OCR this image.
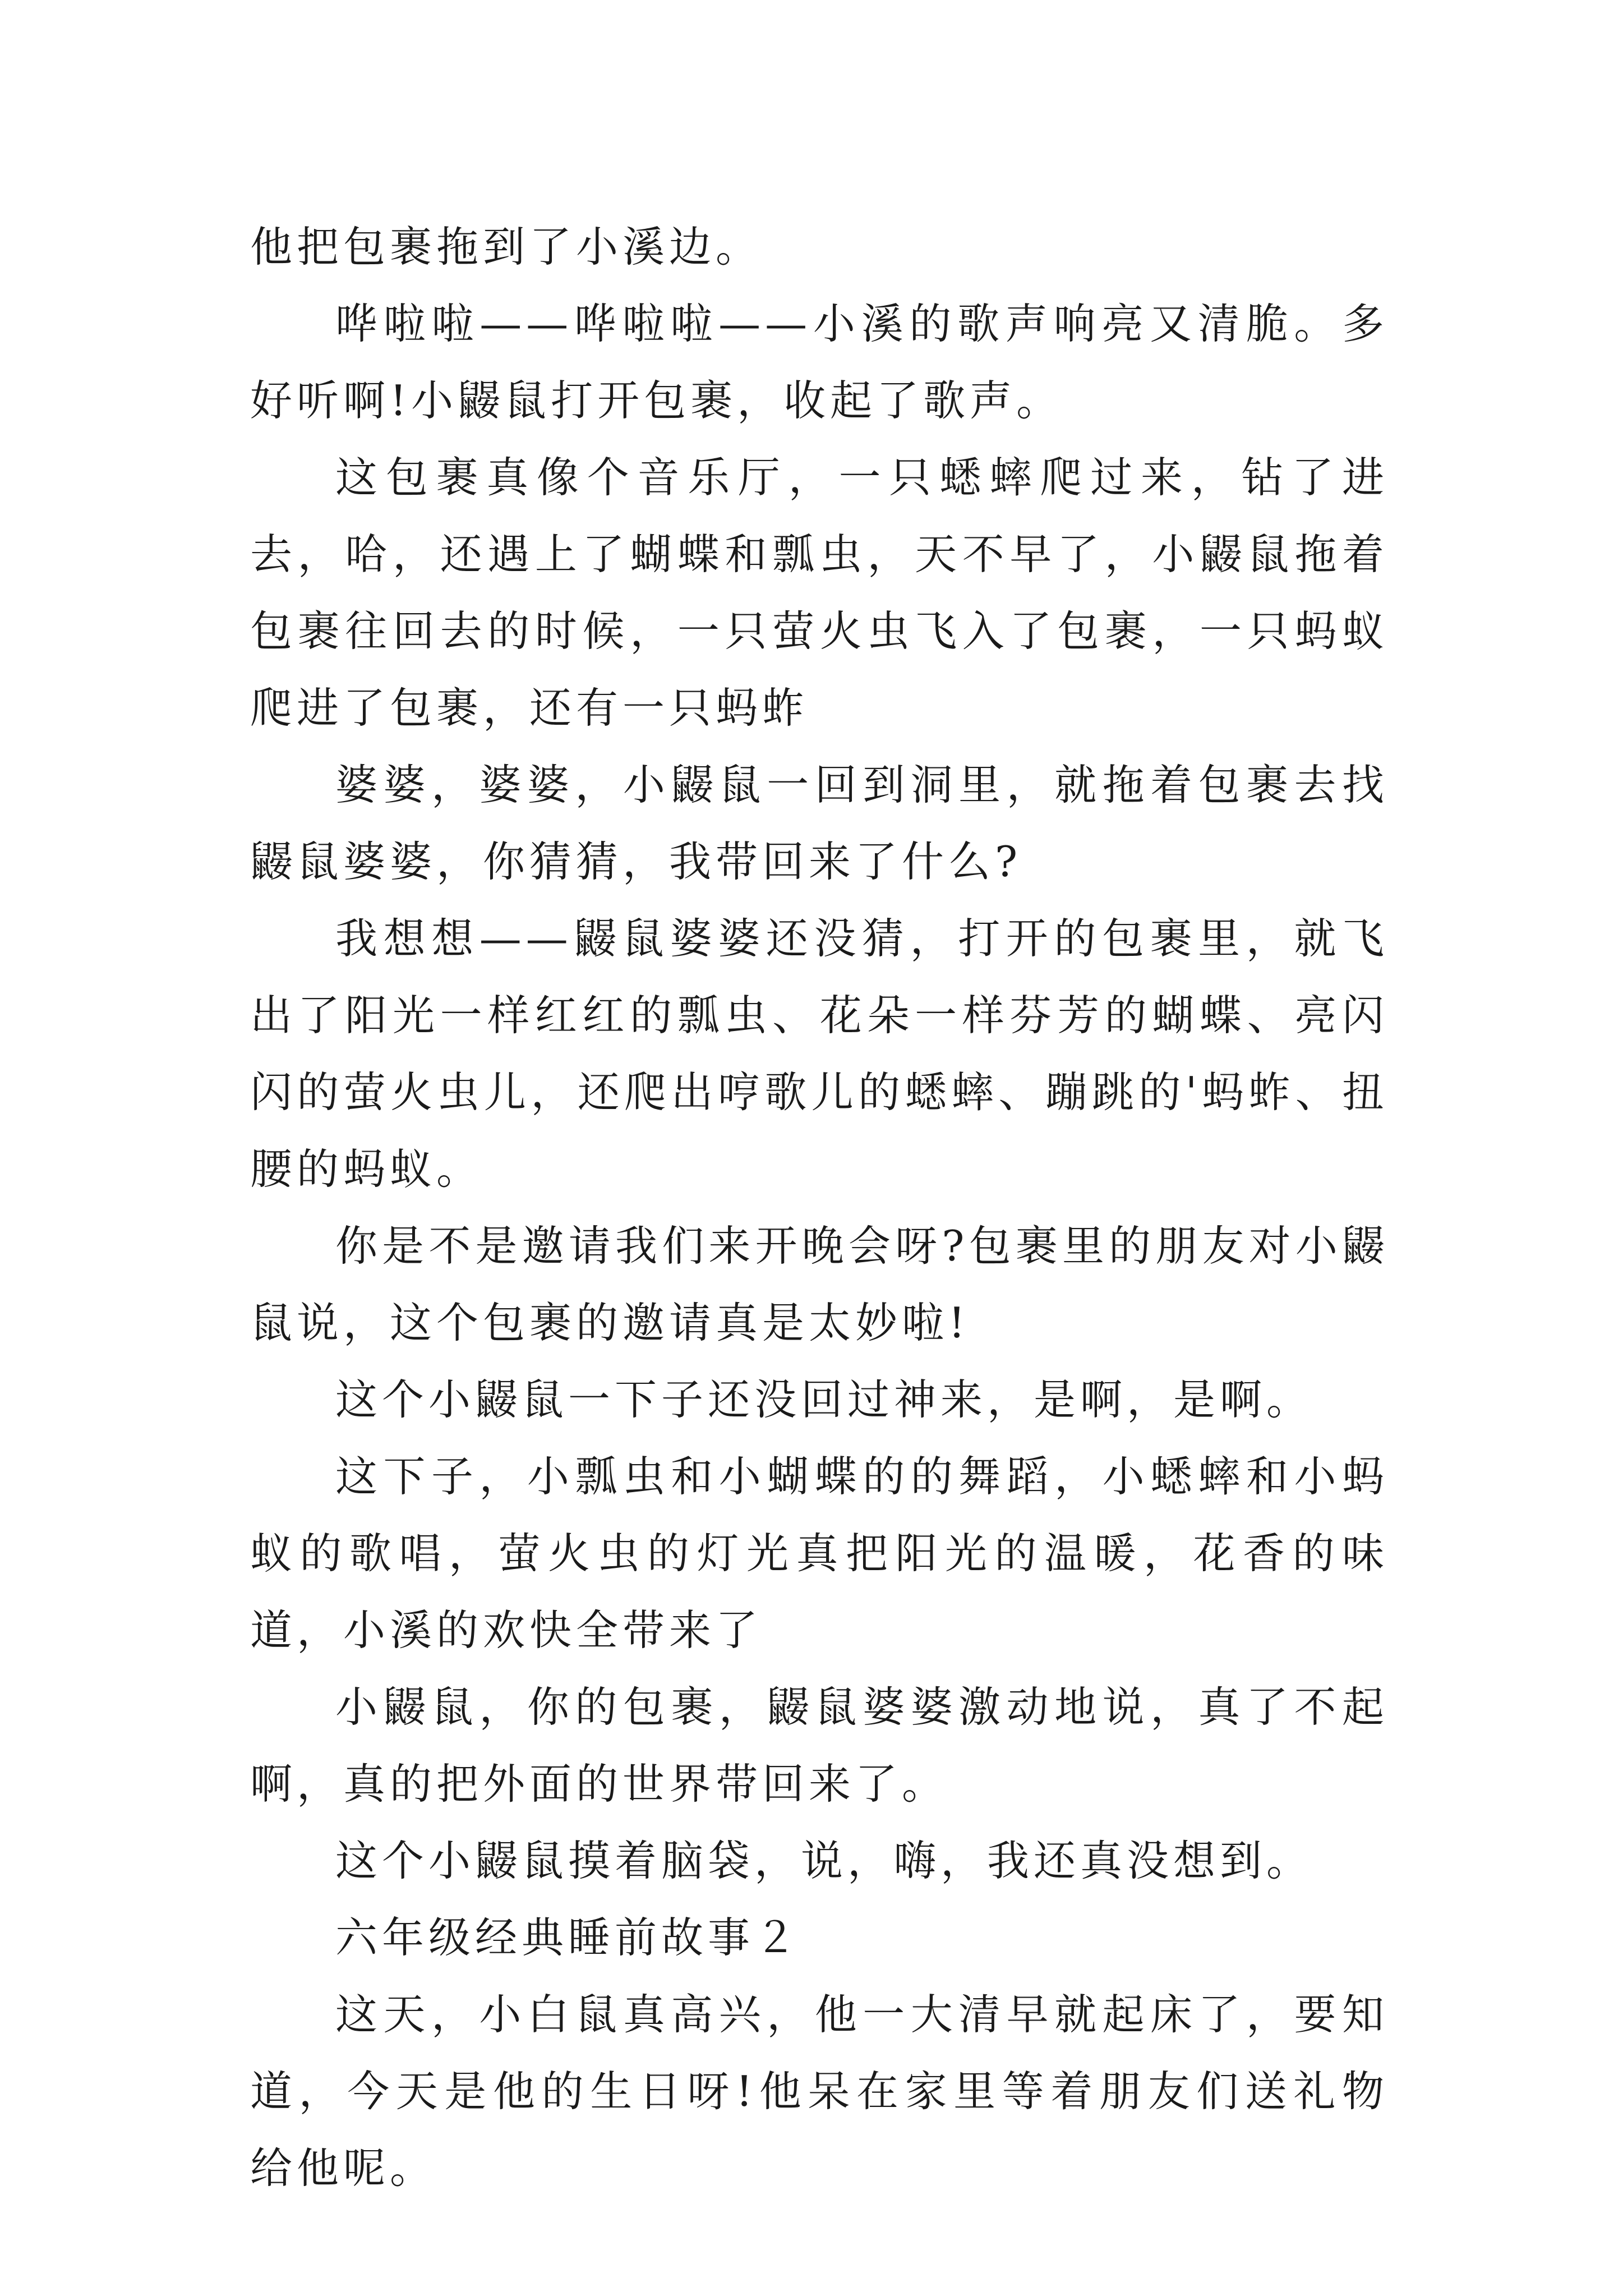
他把包裹拖到了小溪边。

哗啦啦——哗啦啦——小溪的歌声响亮又清脆。多好听啊!小鼹鼠打开包裹，收起了歌声。

这包裹真像个音乐厅，一只蟋蟀爬过来，钻了进去，哈，还遇上了蝴蝶和瓢虫，天不早了，小鼹鼠拖着包裹往回去的时候，一只萤火虫飞入了包裹，一只蚂蚁爬进了包裹，还有一只蚂蚱

婆婆，婆婆，小鼹鼠一回到洞里，就拖着包裹去找鼹鼠婆婆，你猜猜，我带回来了什么?

我想想——鼹鼠婆婆还没猜，打开的包裹里，就飞出了阳光一样红红的瓢虫、花朵一样芬芳的蝴蝶、亮闪闪的萤火虫儿，还爬出哼歌儿的蟋蟀、蹦跳的'蚂蚱、扭腰的蚂蚁。

你是不是邀请我们来开晚会呀?包裹里的朋友对小鼹鼠说，这个包裹的邀请真是太妙啦!

这个小鼹鼠一下子还没回过神来，是啊，是啊。

这下子，小瓢虫和小蝴蝶的的舞蹈，小蟋蟀和小蚂蚁的歌唱，萤火虫的灯光真把阳光的温暖，花香的味道，小溪的欢快全带来了

小鼹鼠，你的包裹，鼹鼠婆婆激动地说，真了不起啊，真的把外面的世界带回来了。

这个小鼹鼠摸着脑袋，说，嗨，我还真没想到。

六年级经典睡前故事２

这天，小白鼠真高兴，他一大清早就起床了，要知道，今天是他的生日呀!他呆在家里等着朋友们送礼物给他呢。
